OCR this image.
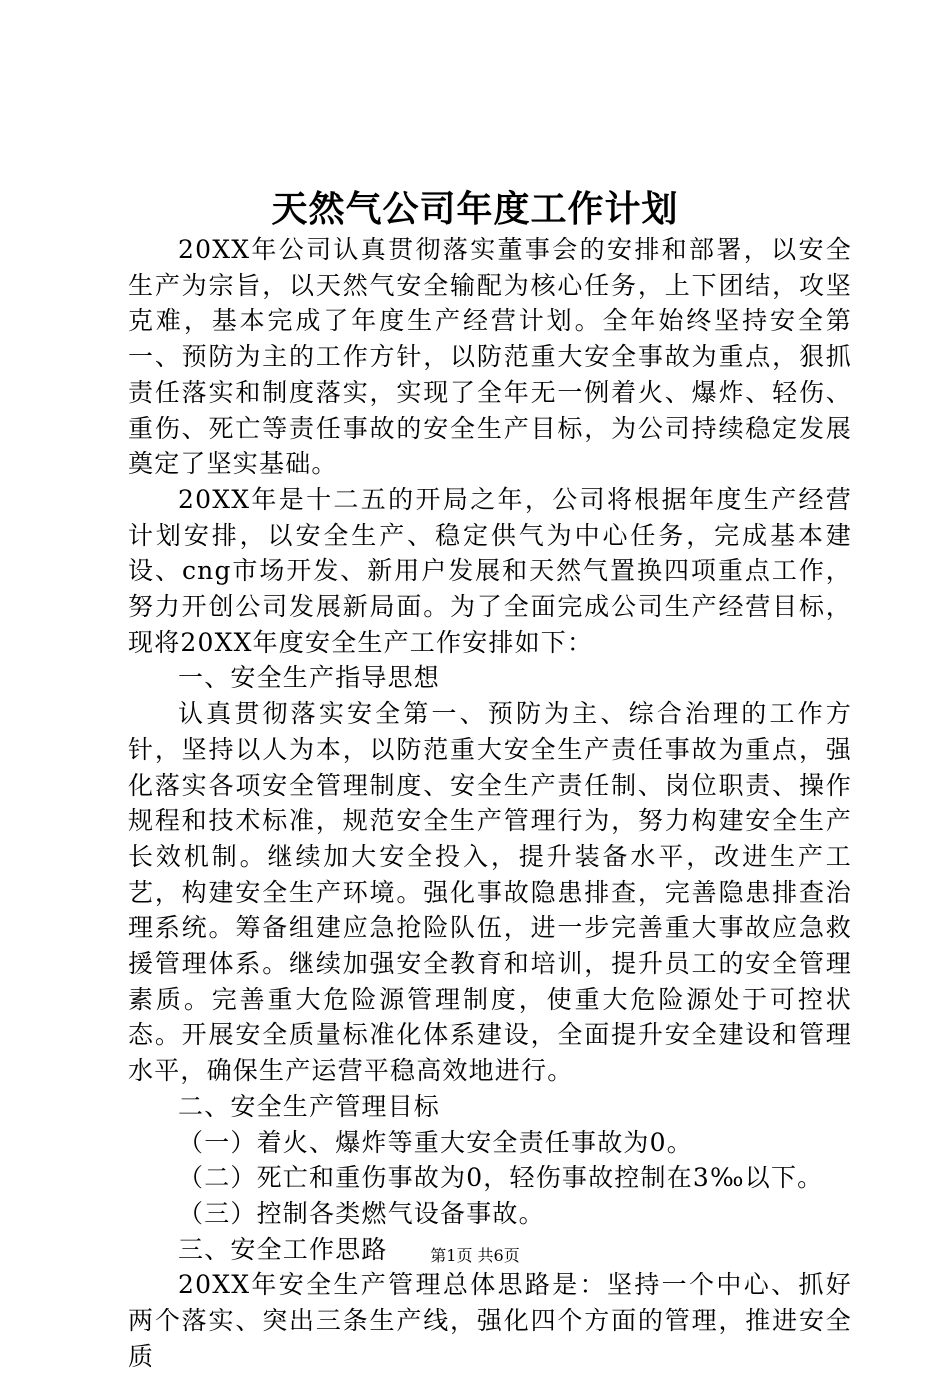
天然气公司年度工作计划

20XX年公司认真贯彻落实董事会的安排和部署，以安全生产为宗旨，以天然气安全输配为核心任务，上下团结，攻坚克难，基本完成了年度生产经营计划。全年始终坚持安全第一、预防为主的工作方针，以防范重大安全事故为重点，狠抓责任落实和制度落实，实现了全年无一例着火、爆炸、轻伤、重伤、死亡等责任事故的安全生产目标，为公司持续稳定发展奠定了坚实基础。

20XX年是十二五的开局之年，公司将根据年度生产经营计划安排，以安全生产、稳定供气为中心任务，完成基本建设、cng市场开发、新用户发展和天然气置换四项重点工作，努力开创公司发展新局面。为了全面完成公司生产经营目标，现将20XX年度安全生产工作安排如下：

一、安全生产指导思想

认真贯彻落实安全第一、预防为主、综合治理的工作方针，坚持以人为本，以防范重大安全生产责任事故为重点，强化落实各项安全管理制度、安全生产责任制、岗位职责、操作规程和技术标准，规范安全生产管理行为，努力构建安全生产长效机制。继续加大安全投入，提升装备水平，改进生产工艺，构建安全生产环境。强化事故隐患排查，完善隐患排查治理系统。筹备组建应急抢险队伍，进一步完善重大事故应急救援管理体系。继续加强安全教育和培训，提升员工的安全管理素质。完善重大危险源管理制度，使重大危险源处于可控状态。开展安全质量标准化体系建设，全面提升安全建设和管理水平，确保生产运营平稳高效地进行。

二、安全生产管理目标

（一）着火、爆炸等重大安全责任事故为0。

（二）死亡和重伤事故为0，轻伤事故控制在3‰以下。

（三）控制各类燃气设备事故。

三、安全工作思路

20XX年安全生产管理总体思路是：坚持一个中心、抓好两个落实、突出三条生产线，强化四个方面的管理，推进安全质

第1页 共6页
